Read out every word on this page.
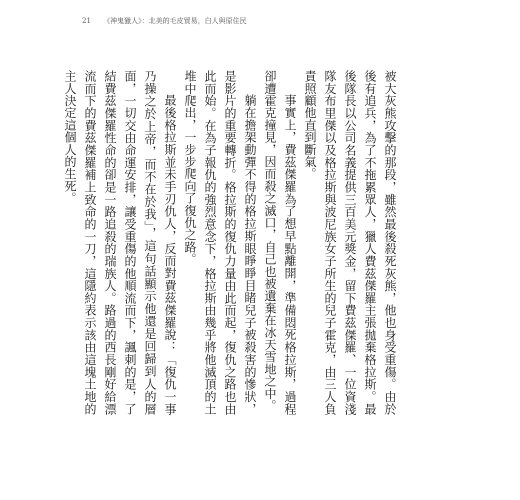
21 《神鬼獵人》：北美的毛皮貿易，白人與原住民

被大灰熊攻擊的那段，雖然最後殺死灰熊，他也身受重傷。由於後有追兵，為了不拖累眾人，獵人費茲傑羅主張拋棄格拉斯。最後隊長以公司名義提供三百美元獎金，留下費茲傑羅、一位資淺隊友布里傑以及格拉斯與波尼族女子所生的兒子霍克，由三人負責照顧他直到斷氣。

事實上，費茲傑羅為了想早點離開，準備悶死格拉斯，過程卻遭霍克撞見，因而殺之滅口，自己也被遺棄在冰天雪地之中。

躺在擔架動彈不得的格拉斯眼睜睜目睹兒子被殺害的慘狀，是影片的重要轉折。格拉斯的復仇力量由此而起，復仇之路也由此而始。在為子報仇的強烈意念下，格拉斯由幾乎將他滅頂的土堆中爬出，一步步爬向了復仇之路。

最後格拉斯並未手刃仇人，反而對費茲傑羅說：「復仇一事乃操之於上帝，而不在於我」，這句話顯示他還是回歸到人的層面，一切交由命運安排，讓受重傷的他順流而下，諷刺的是，了結費茲傑羅性命的卻是一路追殺的瑞族人。路過的西長剛好給漂流而下的費茲傑羅補上致命的一刀，這隱約表示該由這塊土地的主人決定這個人的生死。
